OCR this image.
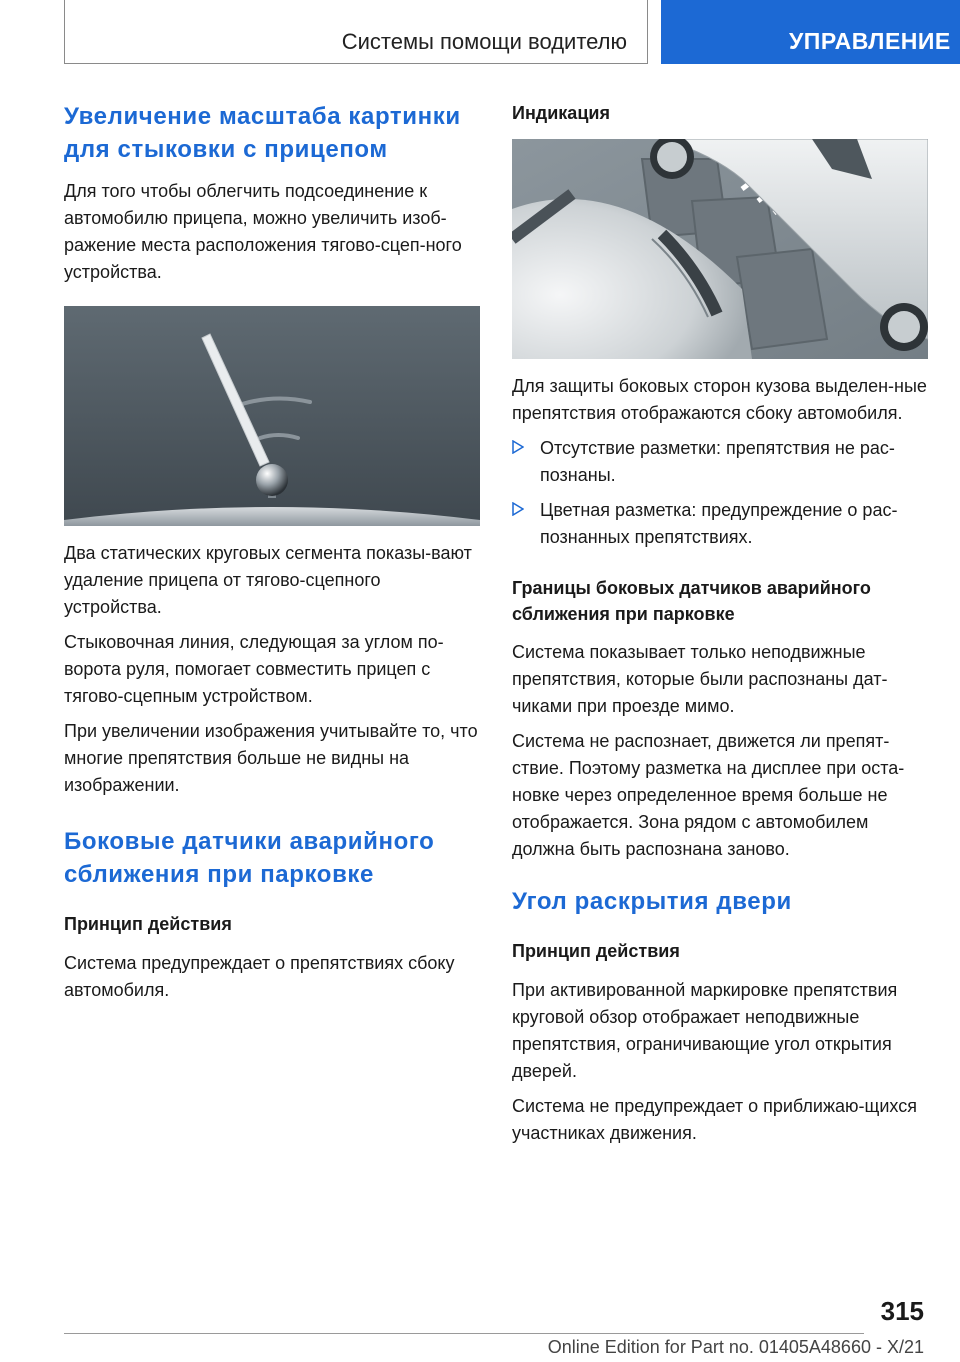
Системы помощи водителю	УПРАВЛЕНИЕ
Увеличение масштаба картинки для стыковки с прицепом

Для того чтобы облегчить подсоединение к автомобилю прицепа, можно увеличить изоб-ражение места расположения тягово-сцеп-ного устройства.

Два статических круговых сегмента показы-вают удаление прицепа от тягово-сцепного устройства.

Стыковочная линия, следующая за углом по-ворота руля, помогает совместить прицеп с тягово-сцепным устройством.

При увеличении изображения учитывайте то, что многие препятствия больше не видны на изображении.

Боковые датчики аварийного сближения при парковке
Принцип действия

Система предупреждает о препятствиях сбоку автомобиля.

Индикация

Для защиты боковых сторон кузова выделен-ные препятствия отображаются сбоку автомобиля.

Отсутствие разметки: препятствия не рас-познаны.
Цветная разметка: предупреждение о рас-познанных препятствиях.
Границы боковых датчиков аварийного сближения при парковке

Система показывает только неподвижные препятствия, которые были распознаны дат-чиками при проезде мимо.

Система не распознает, движется ли препят-ствие. Поэтому разметка на дисплее при оста-новке через определенное время больше не отображается. Зона рядом с автомобилем должна быть распознана заново.

Угол раскрытия двери
Принцип действия

При активированной маркировке препятствия круговой обзор отображает неподвижные препятствия, ограничивающие угол открытия дверей.

Система не предупреждает о приближаю-щихся участниках движения.

315
Online Edition for Part no. 01405A48660 - X/21
